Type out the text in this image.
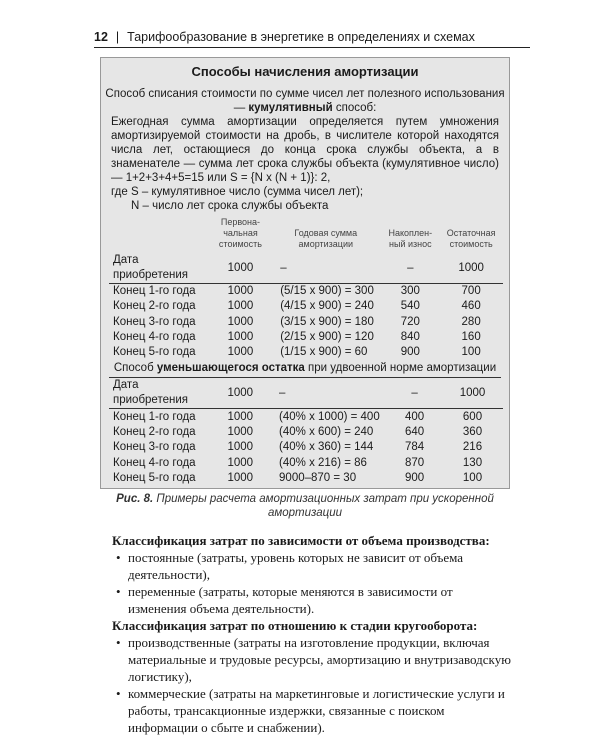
12 | Тарифообразование в энергетике в определениях и схемах
Способы начисления амортизации
Способ списания стоимости по сумме чисел лет полезного использования — кумулятивный способ:

Ежегодная сумма амортизации определяется путем умножения амортизируемой стоимости на дробь, в числителе которой находятся числа лет, остающиеся до конца срока службы объекта, а в знаменателе — сумма лет срока службы объекта (кумулятивное число) — 1+2+3+4+5=15 или S = {N x (N + 1)}: 2,

где S – кумулятивное число (сумма чисел лет);

N – число лет срока службы объекта

	Первона-чальная стоимость	Годовая сумма амортизации	Накоплен-ный износ	Остаточная стоимость
Дата приобретения	1000	–	–	1000
Конец 1-го года	1000	(5/15 x 900) = 300	300	700
Конец 2-го года	1000	(4/15 x 900) = 240	540	460
Конец 3-го года	1000	(3/15 x 900) = 180	720	280
Конец 4-го года	1000	(2/15 x 900) = 120	840	160
Конец 5-го года	1000	(1/15 x 900) = 60	900	100
Способ уменьшающегося остатка при удвоенной норме амортизации
Дата приобретения	1000	–	–	1000
Конец 1-го года	1000	(40% x 1000) = 400	400	600
Конец 2-го года	1000	(40% x 600) = 240	640	360
Конец 3-го года	1000	(40% x 360) = 144	784	216
Конец 4-го года	1000	(40% x 216) = 86	870	130
Конец 5-го года	1000	9000–870 = 30	900	100
Рис. 8. Примеры расчета амортизационных затрат при ускоренной амортизации
Классификация затрат по зависимости от объема производства:
• постоянные (затраты, уровень которых не зависит от объема деятельности),
• переменные (затраты, которые меняются в зависимости от изменения объема деятельности).
Классификация затрат по отношению к стадии кругооборота:
• производственные (затраты на изготовление продукции, включая материальные и трудовые ресурсы, амортизацию и внутризаводскую логистику),
• коммерческие (затраты на маркетинговые и логистические услуги и работы, трансакционные издержки, связанные с поиском информации о сбыте и снабжении).
